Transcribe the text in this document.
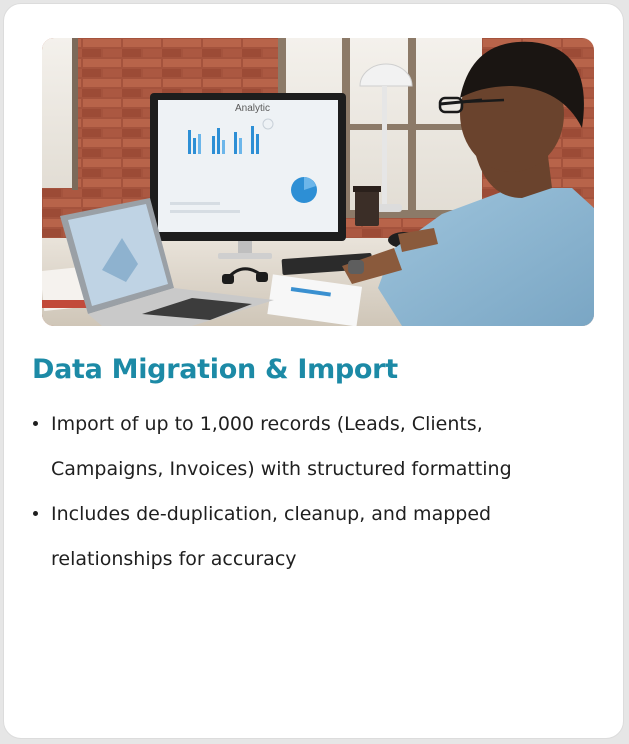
Analytic
Data Migration & Import
Import of up to 1,000 records (Leads, Clients, Campaigns, Invoices) with structured formatting
Includes de-duplication, cleanup, and mapped relationships for accuracy
